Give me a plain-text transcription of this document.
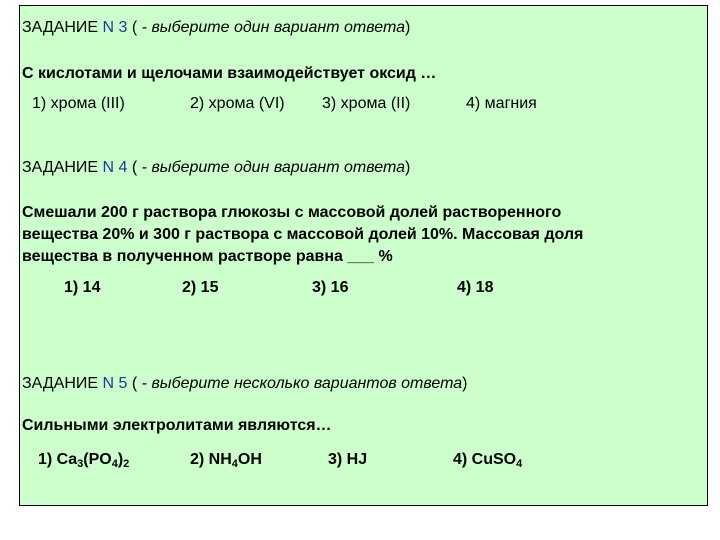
ЗАДАНИЕ N 3 ( - выберите один вариант ответа)
С кислотами и щелочами взаимодействует оксид …
1) хрома (III)	2) хрома (VI) 3) хрома (II)	4) магния
ЗАДАНИЕ N 4 ( - выберите один вариант ответа)
Смешали 200 г раствора глюкозы с массовой долей растворенного
вещества 20% и 300 г раствора с массовой долей 10%. Массовая доля
вещества в полученном растворе равна ___ %
1) 14	2) 15	3) 16	4) 18
ЗАДАНИЕ N 5 ( - выберите несколько вариантов ответа)
Сильными электролитами являются…
1) $Ca_3(PO_4)_2$	2) $NH_4OH$	3) HJ	4) CuSO$_4$
